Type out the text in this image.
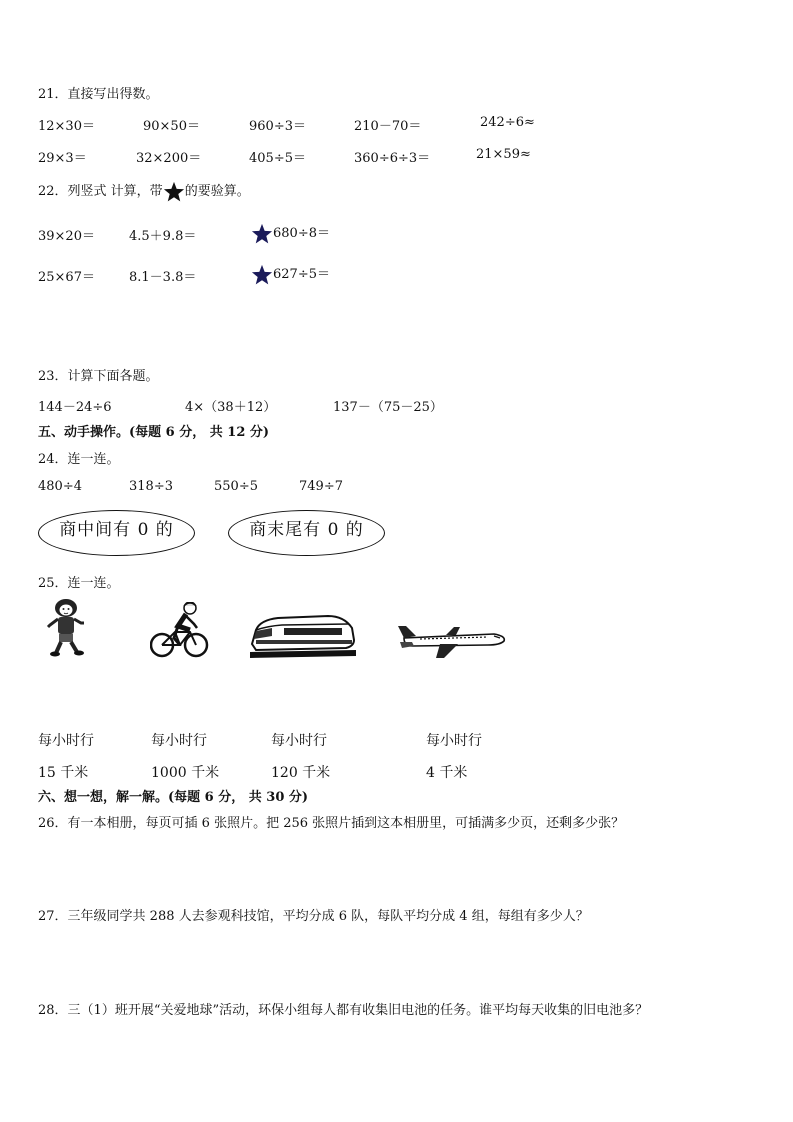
21．直接写出得数。
12×30＝	90×50＝	960÷3＝	210－70＝	242÷6≈
29×3＝	32×200＝	405÷5＝	360÷6÷3＝	21×59≈
22．列竖式 计算，带 的要验算。
39×20＝	4.5＋9.8＝	680÷8＝
25×67＝	8.1－3.8＝	627÷5＝
23．计算下面各题。
144－24÷6	4×（38＋12）	137－（75－25）
五、动手操作。(每题 6 分， 共 12 分)
24．连一连。
480÷4	318÷3	550÷5	749÷7
商中间有 0 的	商末尾有 0 的
25．连一连。
每小时行	每小时行	每小时行	每小时行
15 千米	1000 千米	120 千米	4 千米
六、想一想，解一解。(每题 6 分， 共 30 分)
26．有一本相册，每页可插 6 张照片。把 256 张照片插到这本相册里，可插满多少页，还剩多少张？
27．三年级同学共 288 人去参观科技馆，平均分成 6 队，每队平均分成 4 组，每组有多少人？
28．三（1）班开展“关爱地球”活动，环保小组每人都有收集旧电池的任务。谁平均每天收集的旧电池多？
